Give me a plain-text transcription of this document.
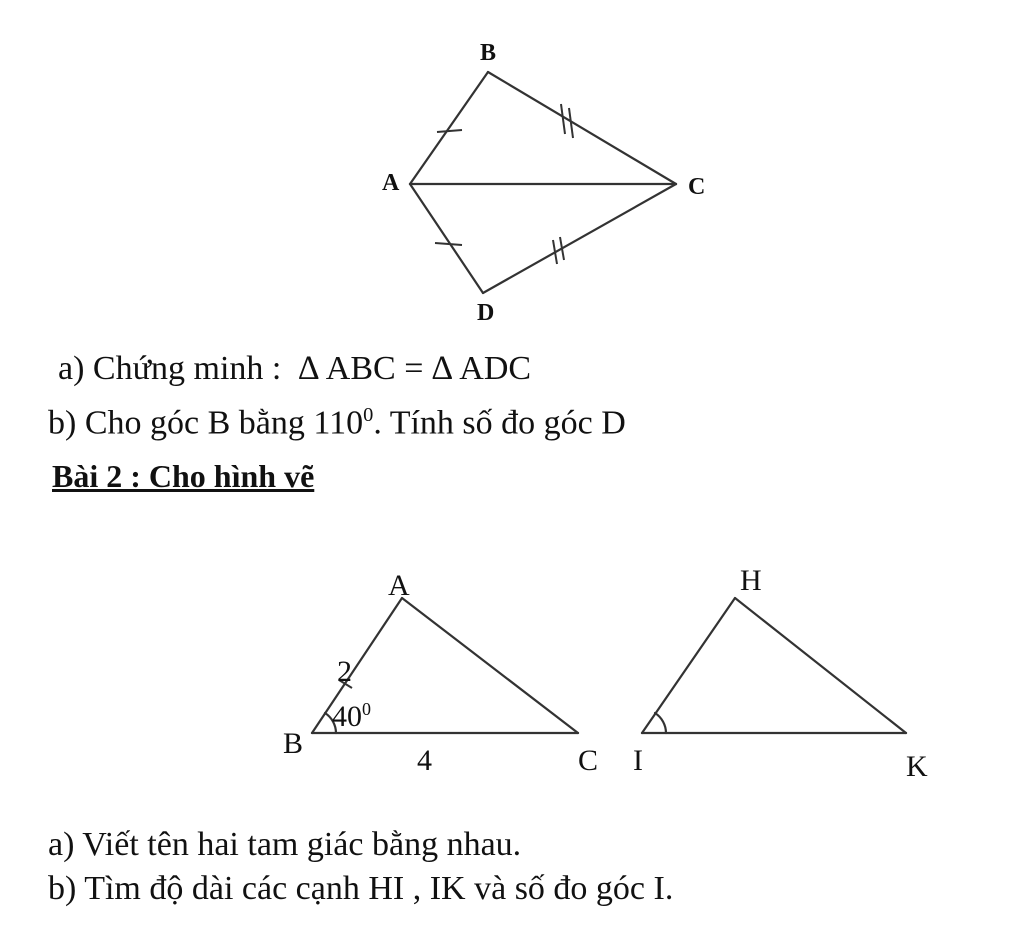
B
A	C
D
A
B
C
2
4
$40^0$
H
I	K

a) Chứng minh : ∆ ABC = ∆ ADC

b) Cho góc B bằng $110^0$. Tính số đo góc D

Bài 2 : Cho hình vẽ

a) Viết tên hai tam giác bằng nhau.

b) Tìm độ dài các cạnh HI , IK và số đo góc I.
